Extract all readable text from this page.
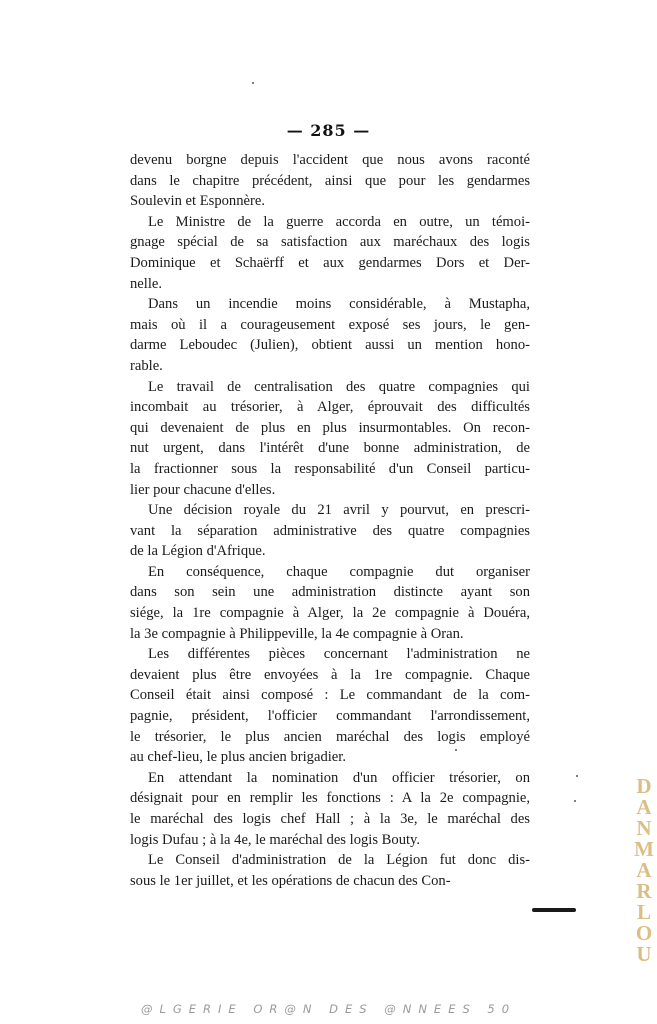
— 285 —
devenu borgne depuis l'accident que nous avons raconté
dans le chapitre précédent, ainsi que pour les gendarmes
Soulevin et Esponnère.
Le Ministre de la guerre accorda en outre, un témoi-
gnage spécial de sa satisfaction aux maréchaux des logis
Dominique et Schaërff et aux gendarmes Dors et Der-
nelle.
Dans un incendie moins considérable, à Mustapha,
mais où il a courageusement exposé ses jours, le gen-
darme Leboudec (Julien), obtient aussi un mention hono-
rable.
Le travail de centralisation des quatre compagnies qui
incombait au trésorier, à Alger, éprouvait des difficultés
qui devenaient de plus en plus insurmontables. On recon-
nut urgent, dans l'intérêt d'une bonne administration, de
la fractionner sous la responsabilité d'un Conseil particu-
lier pour chacune d'elles.
Une décision royale du 21 avril y pourvut, en prescri-
vant la séparation administrative des quatre compagnies
de la Légion d'Afrique.
En conséquence, chaque compagnie dut organiser
dans son sein une administration distincte ayant son
siége, la 1re compagnie à Alger, la 2e compagnie à Douéra,
la 3e compagnie à Philippeville, la 4e compagnie à Oran.
Les différentes pièces concernant l'administration ne
devaient plus être envoyées à la 1re compagnie. Chaque
Conseil était ainsi composé : Le commandant de la com-
pagnie, président, l'officier commandant l'arrondissement,
le trésorier, le plus ancien maréchal des logis employé
au chef-lieu, le plus ancien brigadier.
En attendant la nomination d'un officier trésorier, on
désignait pour en remplir les fonctions : A la 2e compagnie,
le maréchal des logis chef Hall ; à la 3e, le maréchal des
logis Dufau ; à la 4e, le maréchal des logis Bouty.
Le Conseil d'administration de la Légion fut donc dis-
sous le 1er juillet, et les opérations de chacun des Con-
D
A
N
M
A
R
L
O
U
@LGERIE OR@N DES @NNEES 50
